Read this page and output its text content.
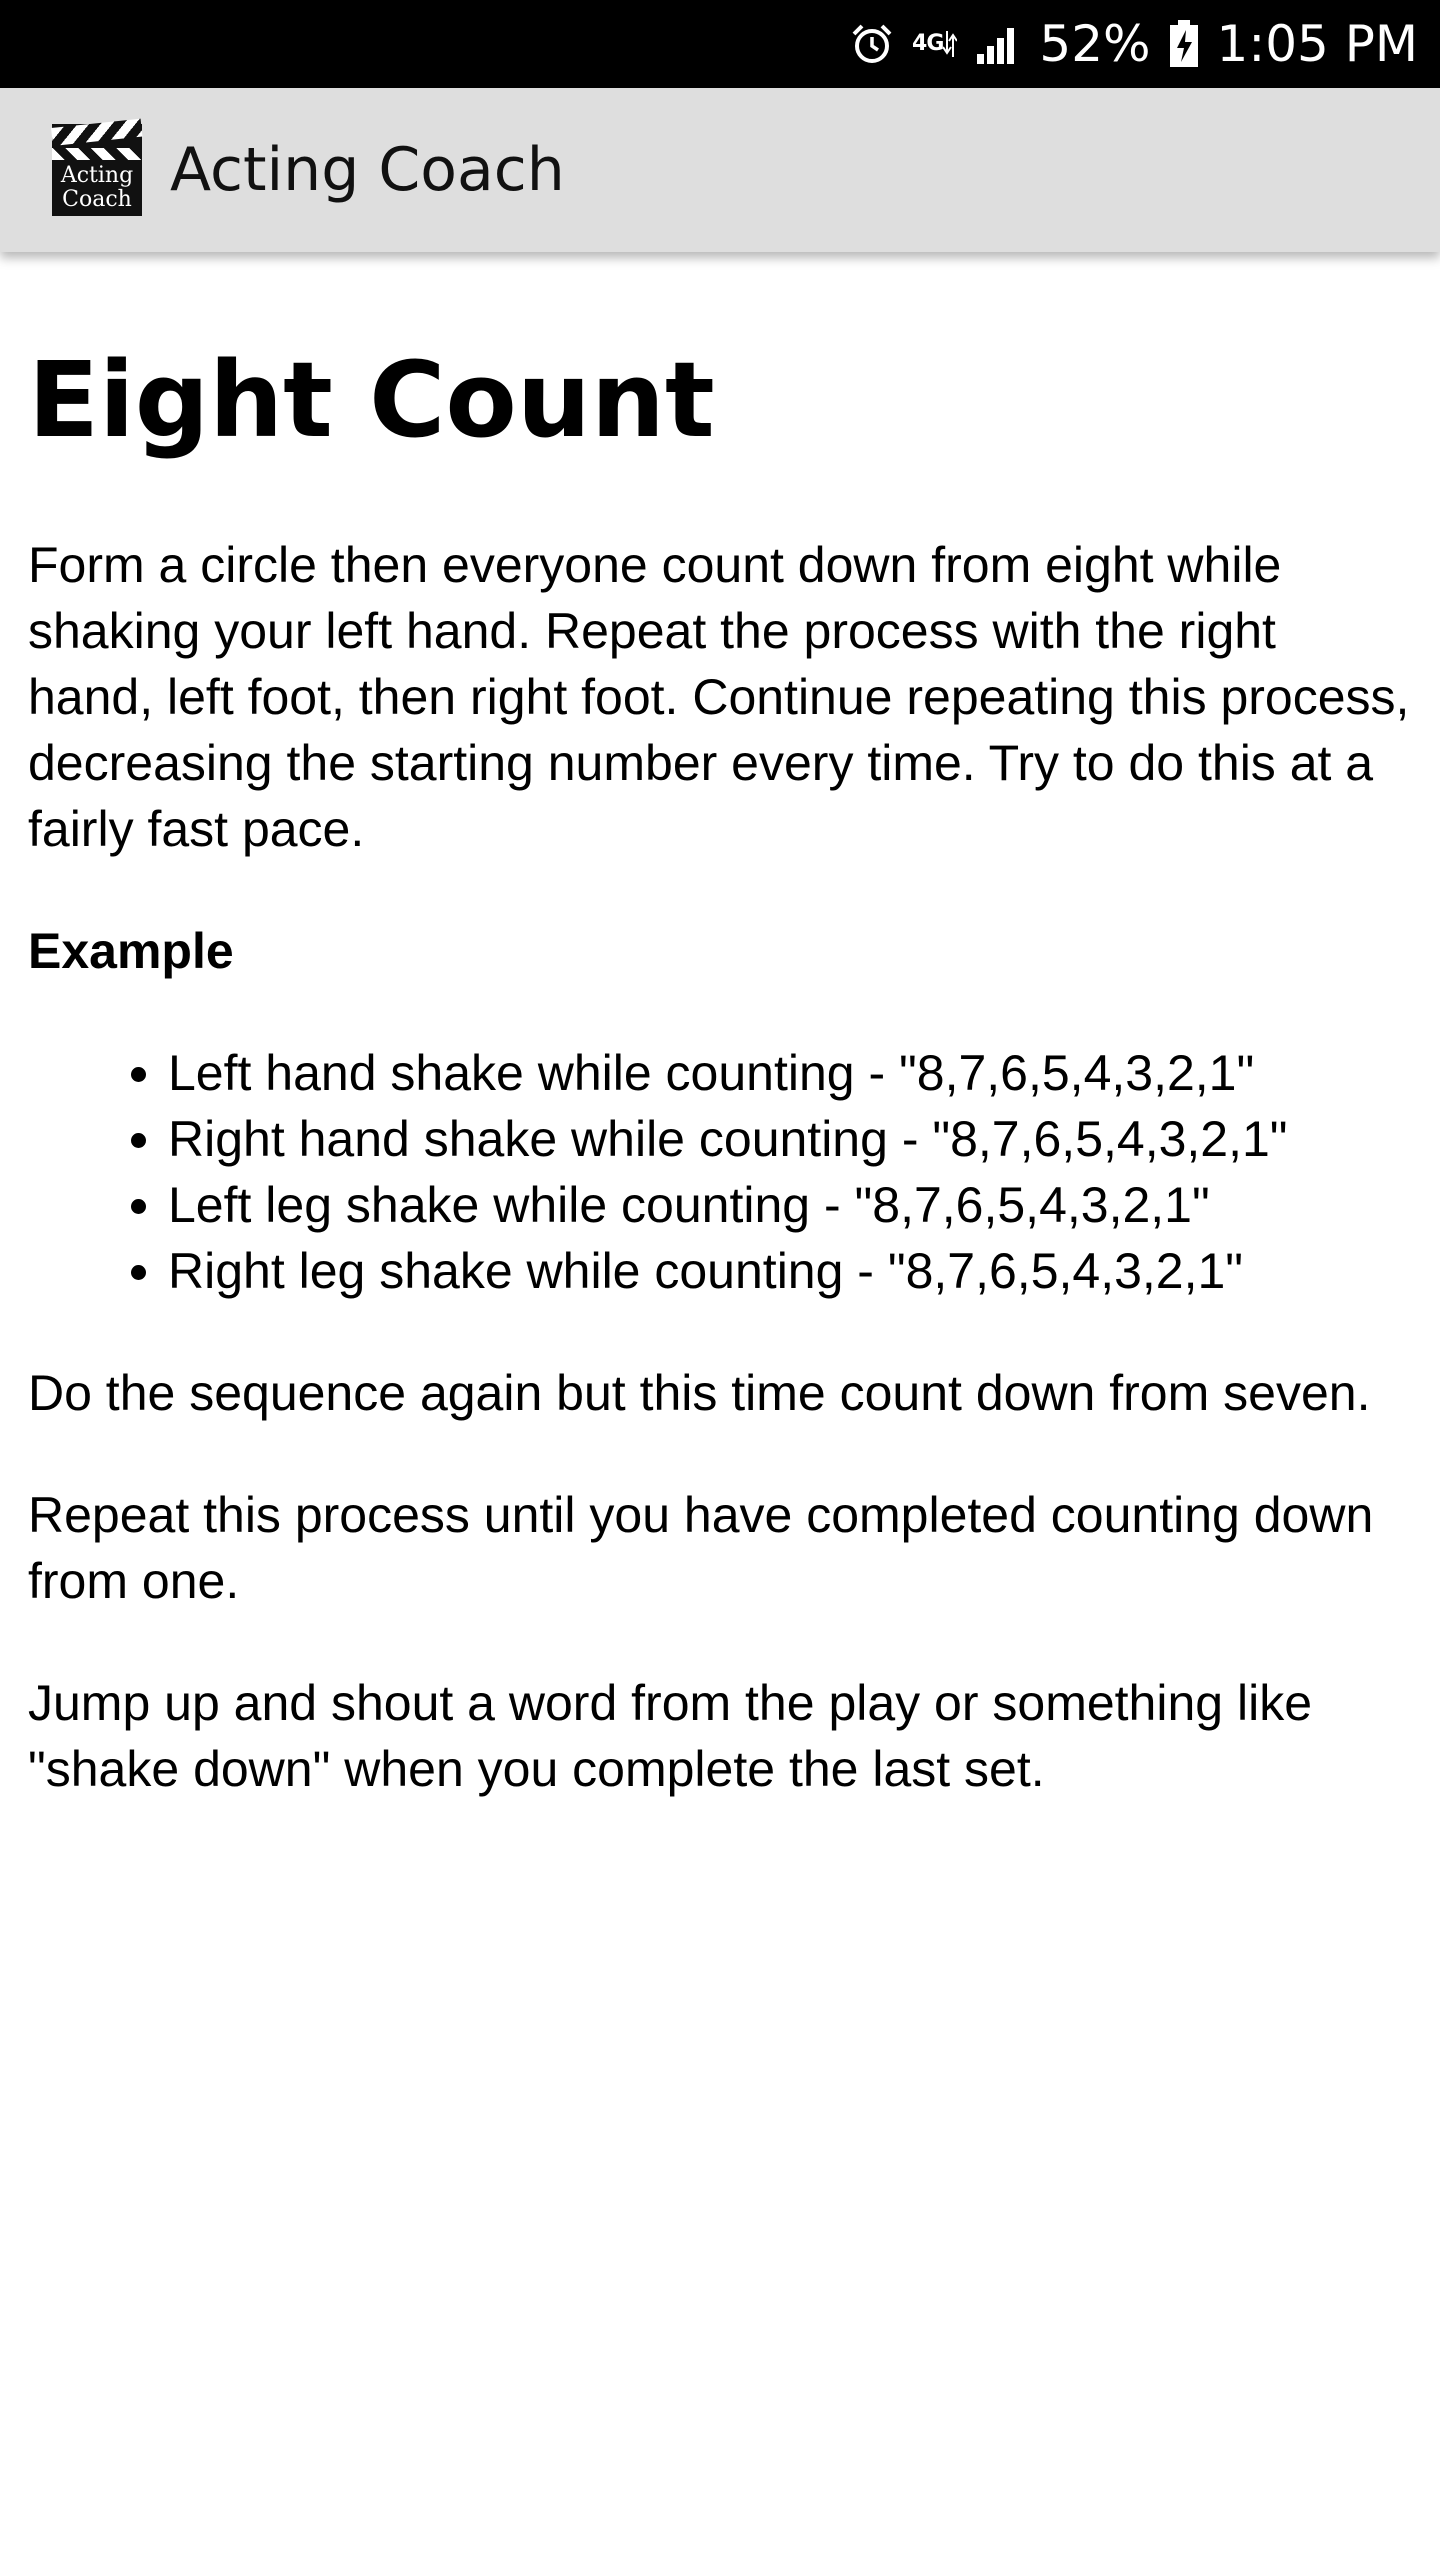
4G 52% 1:05 PM
Acting
Coach Acting Coach
Eight Count

Form a circle then everyone count down from eight while shaking your left hand. Repeat the process with the right hand, left foot, then right foot. Continue repeating this process, decreasing the starting number every time. Try to do this at a fairly fast pace.

Example

• Left hand shake while counting - "8,7,6,5,4,3,2,1"
• Right hand shake while counting - "8,7,6,5,4,3,2,1"
• Left leg shake while counting - "8,7,6,5,4,3,2,1"
• Right leg shake while counting - "8,7,6,5,4,3,2,1"

Do the sequence again but this time count down from seven.

Repeat this process until you have completed counting down from one.

Jump up and shout a word from the play or something like "shake down" when you complete the last set.
